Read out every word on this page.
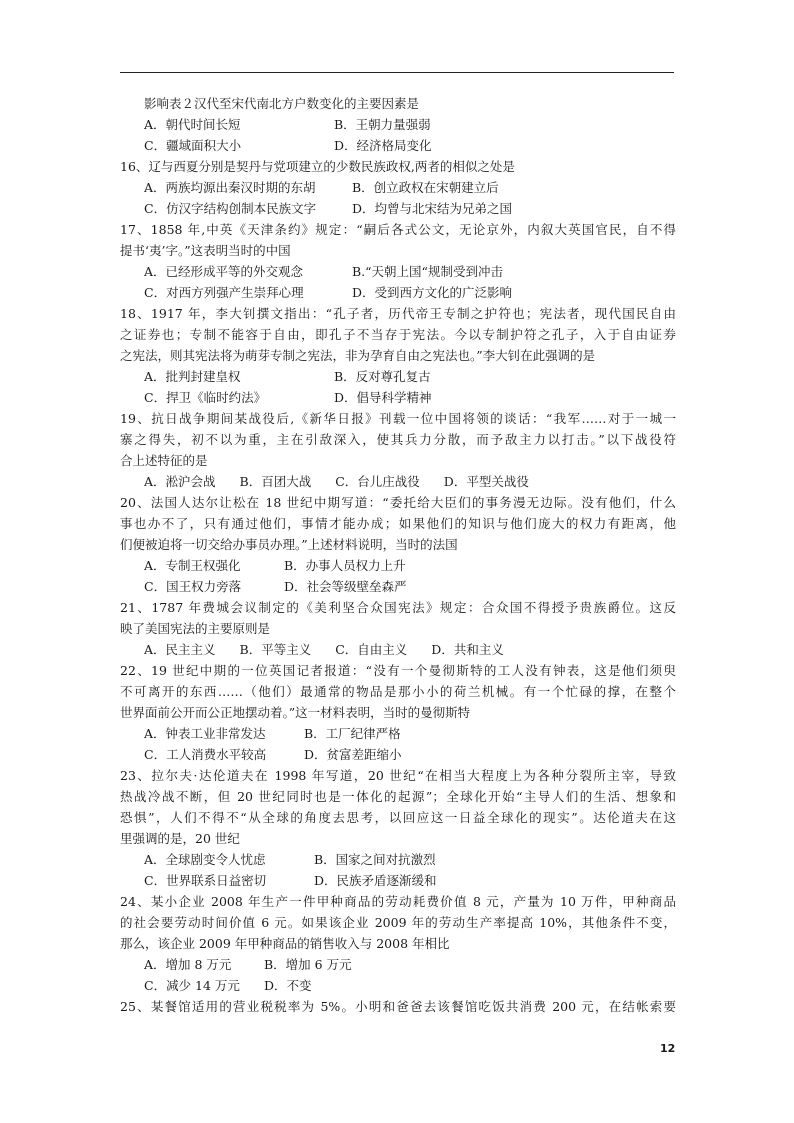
影响表２汉代至宋代南北方户数变化的主要因素是
A．朝代时间长短	B．王朝力量强弱
C．疆域面积大小	D．经济格局变化
16、辽与西夏分别是契丹与党项建立的少数民族政权,两者的相似之处是
A．两族均源出秦汉时期的东胡	B．创立政权在宋朝建立后
C．仿汉字结构创制本民族文字	D．均曾与北宋结为兄弟之国
17、1858 年,中英《天津条约》规定：“嗣后各式公文，无论京外，内叙大英国官民，自不得
提书‘夷’字。”这表明当时的中国
A．已经形成平等的外交观念	B.“天朝上国“规制受到冲击
C．对西方列强产生崇拜心理	D．受到西方文化的广泛影响
18、1917 年，李大钊撰文指出：“孔子者，历代帝王专制之护符也；宪法者，现代国民自由
之证券也；专制不能容于自由，即孔子不当存于宪法。今以专制护符之孔子，入于自由证券
之宪法，则其宪法将为萌芽专制之宪法，非为孕育自由之宪法也。”李大钊在此强调的是
A．批判封建皇权	B．反对尊孔复古
C．捍卫《临时约法》	D．倡导科学精神
19、抗日战争期间某战役后,《新华日报》刊载一位中国将领的谈话：“我军……对于一城一
寨之得失，初不以为重，主在引敌深入，使其兵力分散，而予敌主力以打击。”以下战役符
合上述特征的是
A．淞沪会战 B．百团大战 C．台儿庄战役 D．平型关战役
20、法国人达尔让松在 18 世纪中期写道：“委托给大臣们的事务漫无边际。没有他们，什么
事也办不了，只有通过他们，事情才能办成；如果他们的知识与他们庞大的权力有距离，他
们便被迫将一切交给办事员办理。”上述材料说明，当时的法国
A．专制王权强化	B．办事人员权力上升
C．国王权力旁落	D．社会等级壁垒森严
21、1787 年费城会议制定的《美利坚合众国宪法》规定：合众国不得授予贵族爵位。这反
映了美国宪法的主要原则是
A．民主主义 B．平等主义 C．自由主义 D．共和主义
22、19 世纪中期的一位英国记者报道：“没有一个曼彻斯特的工人没有钟表，这是他们须臾
不可离开的东西……（他们）最通常的物品是那小小的荷兰机械。有一个忙碌的撑，在整个
世界面前公开而公正地摆动着。”这一材料表明，当时的曼彻斯特
A．钟表工业非常发达	B．工厂纪律严格
C．工人消费水平较高	D．贫富差距缩小
23、拉尔夫·达伦道夫在 1998 年写道，20 世纪“在相当大程度上为各种分裂所主宰，导致
热战冷战不断，但 20 世纪同时也是一体化的起源”；全球化开始“主导人们的生活、想象和
恐惧”，人们不得不“从全球的角度去思考，以回应这一日益全球化的现实”。达伦道夫在这
里强调的是，20 世纪
A．全球剧变令人忧虑	B．国家之间对抗激烈
C．世界联系日益密切	D．民族矛盾逐渐缓和
24、某小企业 2008 年生产一件甲种商品的劳动耗费价值 8 元，产量为 10 万件，甲种商品
的社会要劳动时间价值 6 元。如果该企业 2009 年的劳动生产率提高 10%，其他条件不变，
那么，该企业 2009 年甲种商品的销售收入与 2008 年相比
A．增加 8 万元	B．增加 6 万元
C．减少 14 万元 D．不变
25、某餐馆适用的营业税税率为 5%。小明和爸爸去该餐馆吃饭共消费 200 元，在结帐索要
12
